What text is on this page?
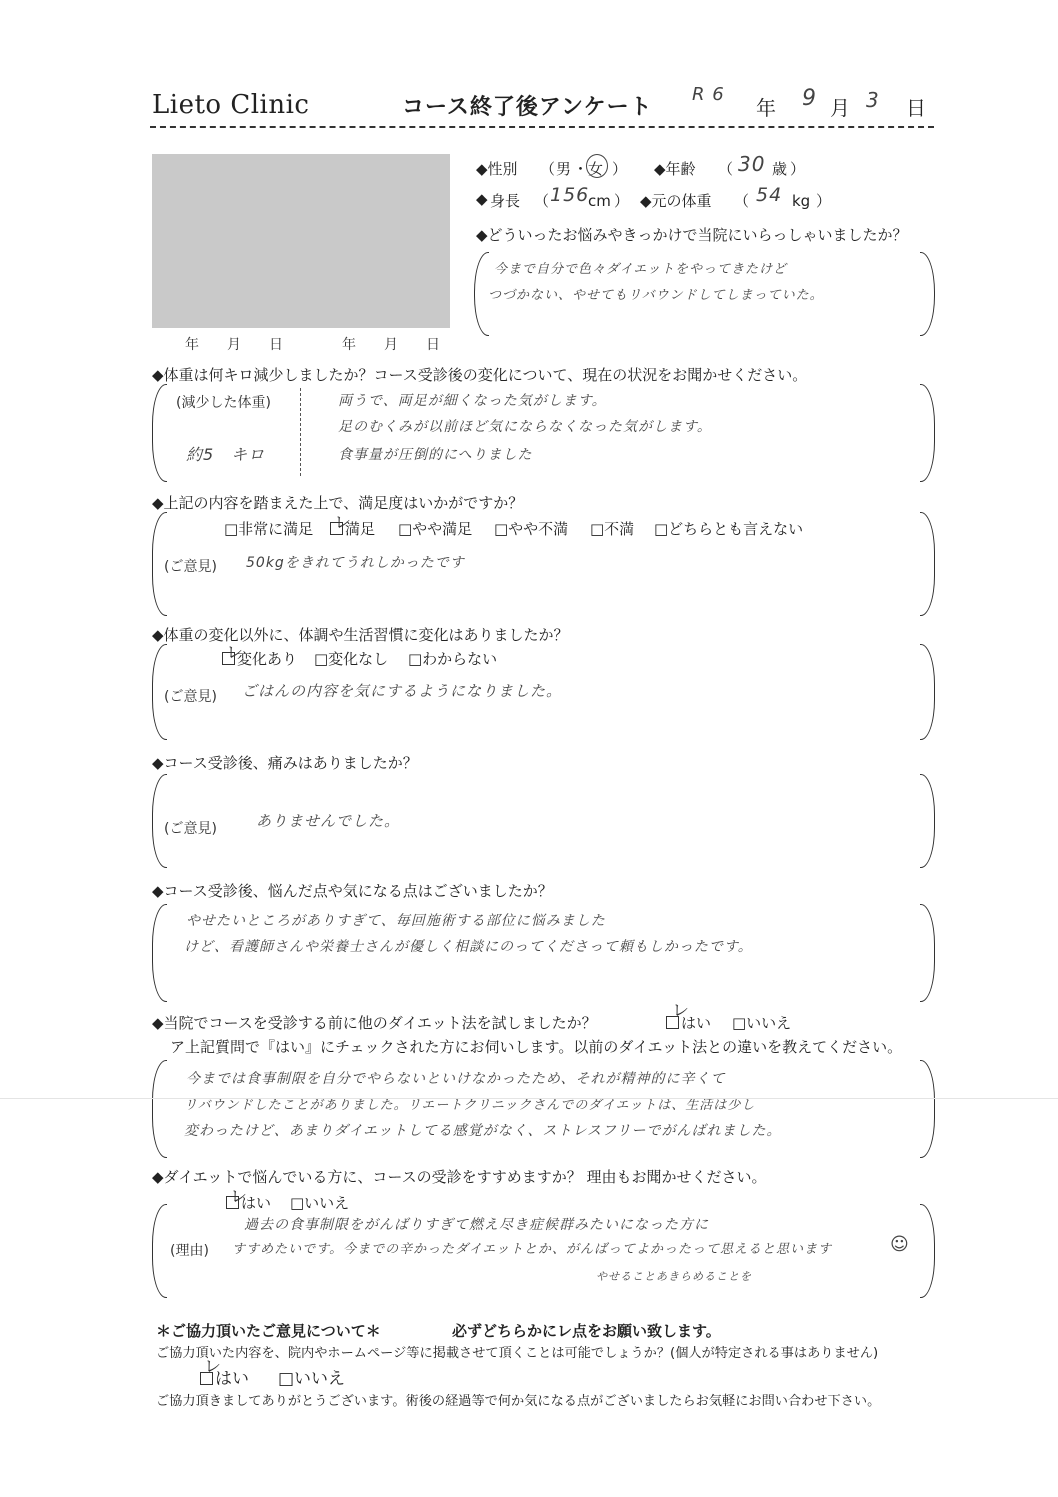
Lieto Clinic	コース終了後アンケート
R 6
年 9 月 3 日
年　　月　　日	年　　月　　日
◆性別 （ 男 ・ 女 ） ◆年齢 （ 30 歳 ）
◆ 身長 （ 156
cm ） ◆元の体重 （ 54 kg ）
◆どういったお悩みやきっかけで当院にいらっしゃいましたか？
今まで自分で色々ダイエットをやってきたけど
つづかない、やせてもリバウンドしてしまっていた。
◆体重は何キロ減少しましたか？コース受診後の変化について、現在の状況をお聞かせください。
(減少した体重)
約5　キロ
両うで、両足が細くなった気がします。
足のむくみが以前ほど気にならなくなった気がします。
食事量が圧倒的にへりました
◆上記の内容を踏まえた上で、満足度はいかがですか？
□非常に満足	満足
レ	□やや満足 □やや不満 □不満 □どちらとも言えない
(ご意見) 50kgをきれてうれしかったです
◆体重の変化以外に、体調や生活習慣に変化はありましたか？
変化あり
レ	□変化なし □わからない
(ご意見) ごはんの内容を気にするようになりました。
◆コース受診後、痛みはありましたか？
(ご意見)	ありませんでした。
◆コース受診後、悩んだ点や気になる点はございましたか？
やせたいところがありすぎて、毎回施術する部位に悩みました
けど、看護師さんや栄養士さんが優しく相談にのってくださって頼もしかったです。
◆当院でコースを受診する前に他のダイエット法を試しましたか？	はい
レ
□いいえ
ア上記質問で『はい』にチェックされた方にお伺いします。以前のダイエット法との違いを教えてください。
今までは食事制限を自分でやらないといけなかったため、それが精神的に辛くて
リバウンドしたことがありました。リエートクリニックさんでのダイエットは、生活は少し
変わったけど、あまりダイエットしてる感覚がなく、ストレスフリーでがんばれました。
◆ダイエットで悩んでいる方に、コースの受診をすすめますか？ 理由もお聞かせください。
はい
レ	□いいえ
(理由)
過去の食事制限をがんばりすぎて燃え尽き症候群みたいになった方に
すすめたいです。今までの辛かったダイエットとか、がんばってよかったって思えると思います	☺
やせることあきらめることを
＊ご協力頂いたご意見について＊	必ずどちらかにレ点をお願い致します。
ご協力頂いた内容を、院内やホームページ等に掲載させて頂くことは可能でしょうか？(個人が特定される事はありません)
はい
レ
□いいえ
ご協力頂きましてありがとうございます。術後の経過等で何か気になる点がございましたらお気軽にお問い合わせ下さい。
